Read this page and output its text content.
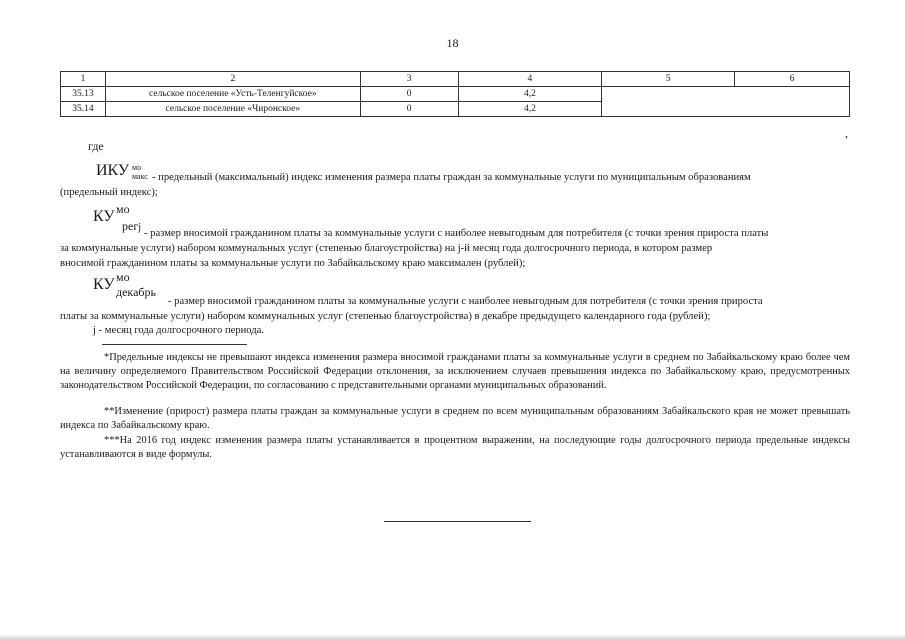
18
1	2	3	4	5	6
35.13	сельское поселение «Усть-Теленгуйское»	0	4,2		
35.14	сельское поселение «Чиронское»	0	4,2		
,
где
ИКУ мо
макс - предельный (максимальный) индекс изменения размера платы граждан за коммунальные услуги по муниципальным образованиям
(предельный индекс);
КУ мо
регj
- размер вносимой гражданином платы за коммунальные услуги с наиболее невыгодным для потребителя (с точки зрения прироста платы
за коммунальные услуги) набором коммунальных услуг (степенью благоустройства) на j-й месяц года долгосрочного периода, в котором размер
вносимой гражданином платы за коммунальные услуги по Забайкальскому краю максимален (рублей);
КУ мо
декабрь
- размер вносимой гражданином платы за коммунальные услуги с наиболее невыгодным для потребителя (с точки зрения прироста
платы за коммунальные услуги) набором коммунальных услуг (степенью благоустройства) в декабре предыдущего календарного года (рублей);
j - месяц года долгосрочного периода.
*Предельные индексы не превышают индекса изменения размера вносимой гражданами платы за коммунальные услуги в среднем по Забайкальскому краю более чем на величину определяемого Правительством Российской Федерации отклонения, за исключением случаев превышения индекса по Забайкальскому краю, предусмотренных законодательством Российской Федерации, по согласованию с представительными органами муниципальных образований.
**Изменение (прирост) размера платы граждан за коммунальные услуги в среднем по всем муниципальным образованиям Забайкальского края не может превышать индекса по Забайкальскому краю.
***На 2016 год индекс изменения размера платы устанавливается в процентном выражении, на последующие годы долгосрочного периода предельные индексы устанавливаются в виде формулы.
